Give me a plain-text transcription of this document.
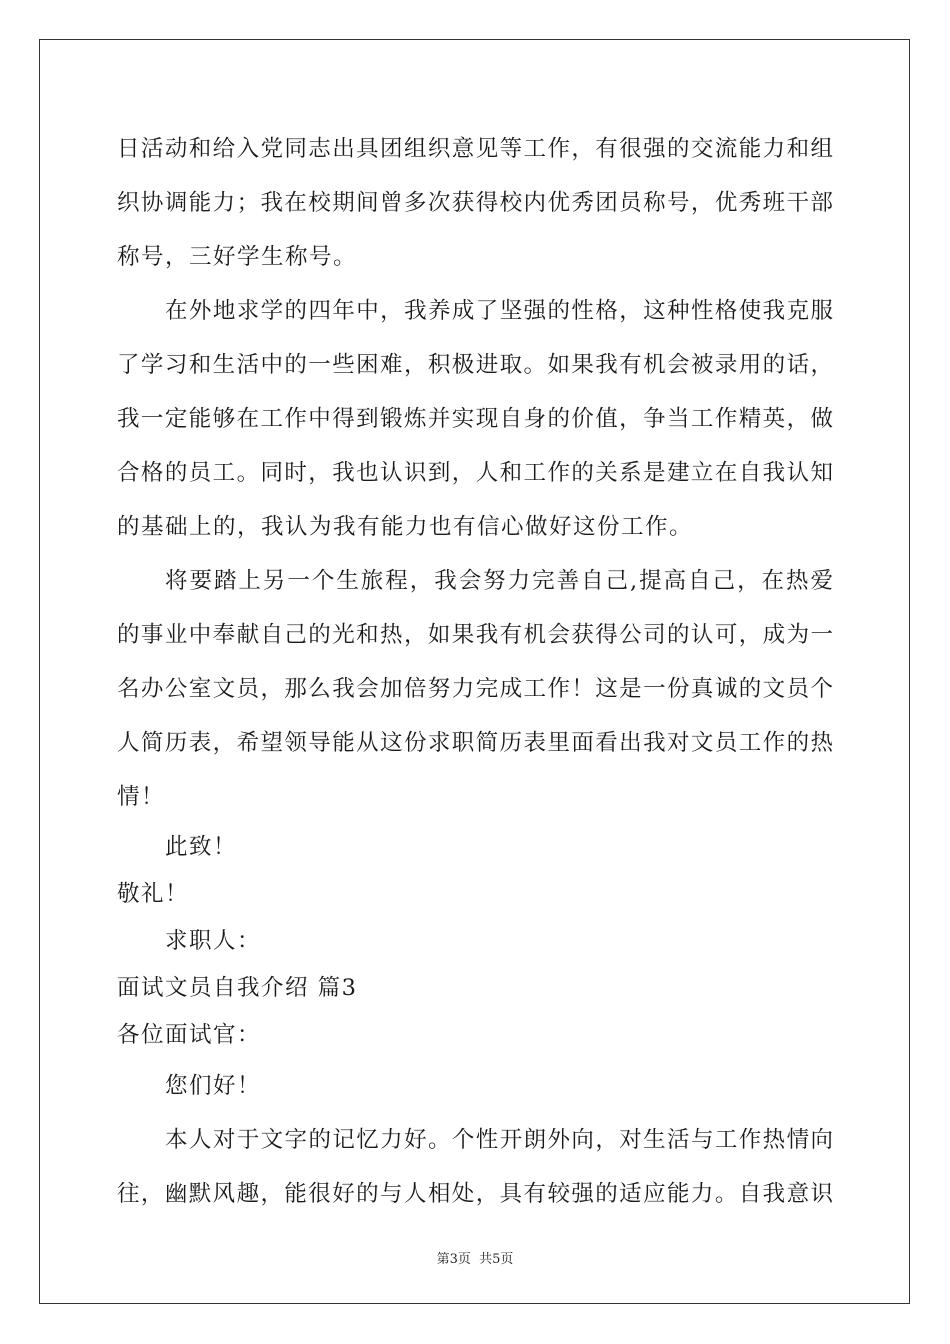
日活动和给入党同志出具团组织意见等工作，有很强的交流能力和组
织协调能力；我在校期间曾多次获得校内优秀团员称号，优秀班干部
称号，三好学生称号。
在外地求学的四年中，我养成了坚强的性格，这种性格使我克服
了学习和生活中的一些困难，积极进取。如果我有机会被录用的话，
我一定能够在工作中得到锻炼并实现自身的价值，争当工作精英，做
合格的员工。同时，我也认识到，人和工作的关系是建立在自我认知
的基础上的，我认为我有能力也有信心做好这份工作。
将要踏上另一个生旅程，我会努力完善自己,提高自己，在热爱
的事业中奉献自己的光和热，如果我有机会获得公司的认可，成为一
名办公室文员，那么我会加倍努力完成工作！这是一份真诚的文员个
人简历表，希望领导能从这份求职简历表里面看出我对文员工作的热
情！
此致！
敬礼！
求职人：
面试文员自我介绍 篇3
各位面试官：
您们好！
本人对于文字的记忆力好。个性开朗外向，对生活与工作热情向
往，幽默风趣，能很好的与人相处，具有较强的适应能力。自我意识
第3页 共5页
